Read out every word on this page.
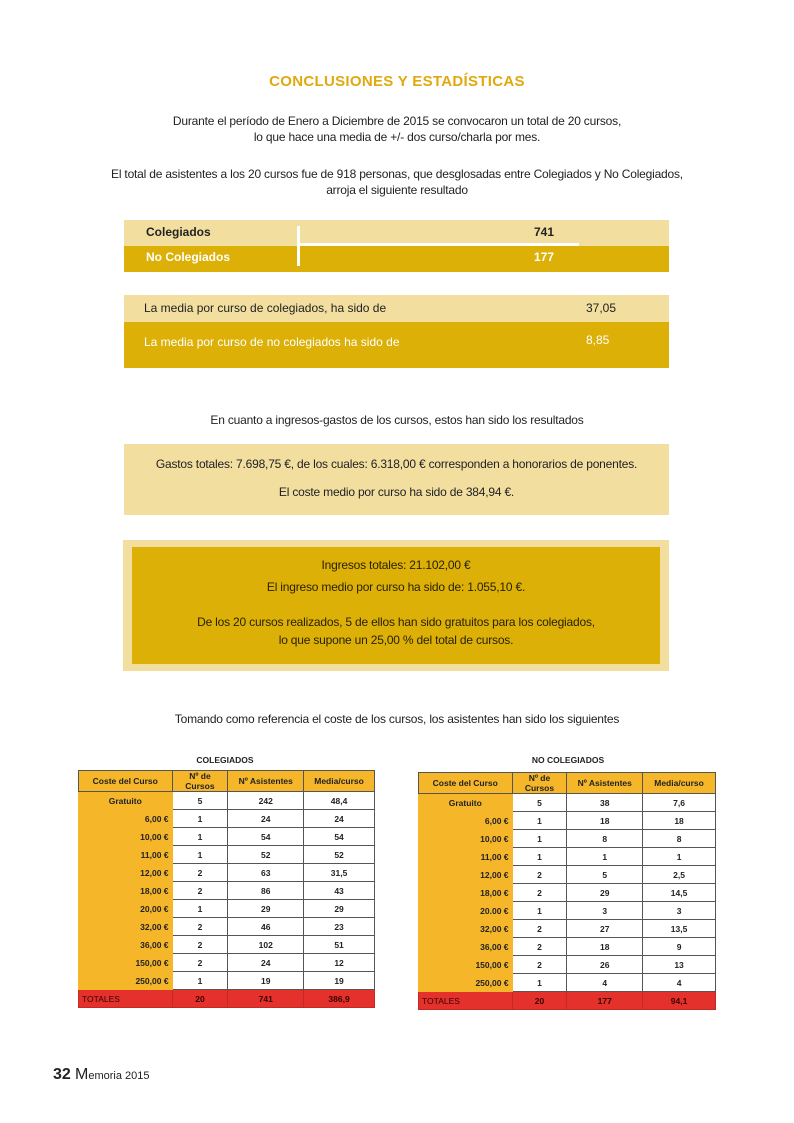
CONCLUSIONES Y ESTADÍSTICAS
Durante el período de Enero a Diciembre de 2015 se convocaron un total de 20 cursos,
lo que hace una media de +/- dos curso/charla por mes.
El total de asistentes a los 20 cursos fue de 918 personas, que desglosadas entre Colegiados y No Colegiados,
arroja el siguiente resultado
Colegiados	741
No Colegiados	177
La media por curso de colegiados, ha sido de	37,05
La media por curso de no colegiados ha sido de	8,85
En cuanto a ingresos-gastos de los cursos, estos han sido los resultados
Gastos totales: 7.698,75 €, de los cuales: 6.318,00 € corresponden a honorarios de ponentes.
El coste medio por curso ha sido de 384,94 €.
Ingresos totales: 21.102,00 €
El ingreso medio por curso ha sido de: 1.055,10 €.
De los 20 cursos realizados, 5 de ellos han sido gratuitos para los colegiados,
lo que supone un 25,00 % del total de cursos.
Tomando como referencia el coste de los cursos, los asistentes han sido los siguientes
COLEGIADOS
Coste del Curso	Nº de Cursos	Nº Asistentes	Media/curso
Gratuito	5	242	48,4
6,00 €	1	24	24
10,00 €	1	54	54
11,00 €	1	52	52
12,00 €	2	63	31,5
18,00 €	2	86	43
20,00 €	1	29	29
32,00 €	2	46	23
36,00 €	2	102	51
150,00 €	2	24	12
250,00 €	1	19	19
TOTALES	20	741	386,9
NO COLEGIADOS
Coste del Curso	Nº de Cursos	Nº Asistentes	Media/curso
Gratuito	5	38	7,6
6,00 €	1	18	18
10,00 €	1	8	8
11,00 €	1	1	1
12,00 €	2	5	2,5
18,00 €	2	29	14,5
20.00 €	1	3	3
32,00 €	2	27	13,5
36,00 €	2	18	9
150,00 €	2	26	13
250,00 €	1	4	4
TOTALES	20	177	94,1
32 Memoria 2015
